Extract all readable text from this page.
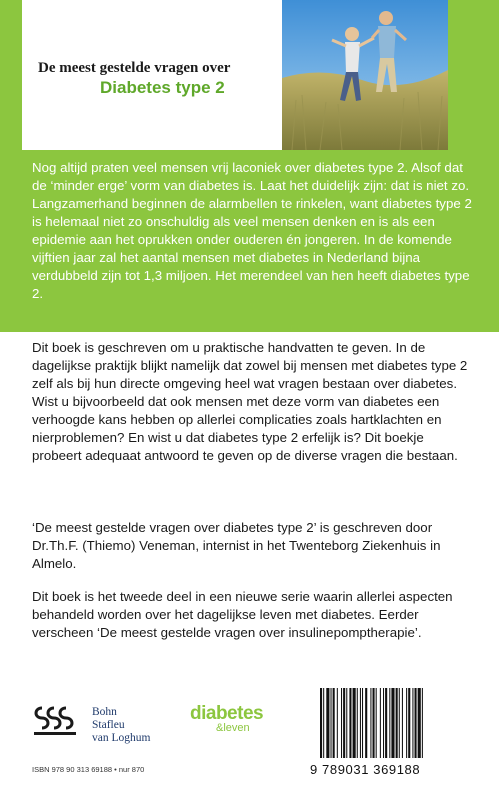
De meest gestelde vragen over
Diabetes type 2
Nog altijd praten veel mensen vrij laconiek over diabetes type 2. Alsof dat de ‘minder erge’ vorm van diabetes is. Laat het duidelijk zijn: dat is niet zo. Langzamerhand beginnen de alarmbellen te rinkelen, want diabetes type 2 is helemaal niet zo onschuldig als veel mensen denken en is als een epidemie aan het oprukken onder ouderen én jongeren. In de komende vijftien jaar zal het aantal mensen met diabetes in Nederland bijna verdubbeld zijn tot 1,3 miljoen. Het merendeel van hen heeft diabetes type 2.
Dit boek is geschreven om u praktische handvatten te geven. In de dagelijkse praktijk blijkt namelijk dat zowel bij mensen met diabetes type 2 zelf als bij hun directe omgeving heel wat vragen bestaan over diabetes. Wist u bijvoorbeeld dat ook mensen met deze vorm van diabetes een verhoogde kans hebben op allerlei complicaties zoals hartklachten en nierproblemen? En wist u dat diabetes type 2 erfelijk is? Dit boekje probeert adequaat antwoord te geven op de diverse vragen die bestaan.
‘De meest gestelde vragen over diabetes type 2’ is geschreven door Dr.Th.F. (Thiemo) Veneman, internist in het Twenteborg Ziekenhuis in Almelo.
Dit boek is het tweede deel in een nieuwe serie waarin allerlei aspecten behandeld worden over het dagelijkse leven met diabetes. Eerder verscheen ‘De meest gestelde vragen over insulinepomptherapie’.
Bohn
Stafleu
van Loghum
diabetes
&leven
ISBN 978 90 313 69188 • nur 870	9 789031 369188
